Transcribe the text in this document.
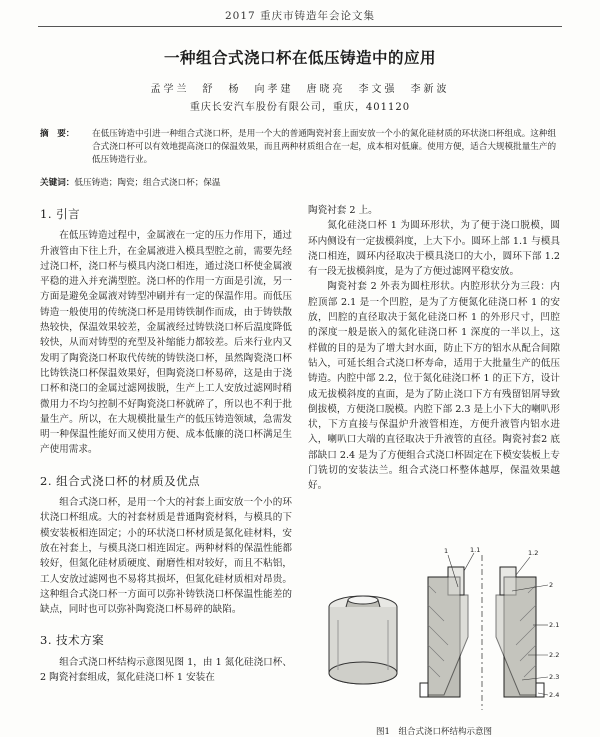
2017 重庆市铸造年会论文集
一种组合式浇口杯在低压铸造中的应用
孟学兰　舒　杨　向孝建　唐晓亮　李文强　李新波
重庆长安汽车股份有限公司，重庆，401120
摘　要：	在低压铸造中引进一种组合式浇口杯，是用一个大的普通陶瓷衬套上面安放一个小的氮化硅材质的环状浇口杯组成。这种组合式浇口杯可以有效地提高浇口的保温效果，而且两种材质组合在一起，成本相对低廉。使用方便，适合大规模批量生产的低压铸造行业。
关键词：低压铸造；陶瓷；组合式浇口杯；保温
1. 引言

在低压铸造过程中，金属液在一定的压力作用下，通过升液管由下往上升，在金属液进入模具型腔之前，需要先经过浇口杯，浇口杯与模具内浇口相连，通过浇口杯使金属液平稳的进入并充满型腔。浇口杯的作用一方面是引流，另一方面是避免金属液对铸型冲刷并有一定的保温作用。而低压铸造一般使用的传统浇口杯是用铸铁制作而成，由于铸铁散热较快，保温效果较差，金属液经过铸铁浇口杯后温度降低较快，从而对铸型的充型及补缩能力都较差。后来行业内又发明了陶瓷浇口杯取代传统的铸铁浇口杯，虽然陶瓷浇口杯比铸铁浇口杯保温效果好，但陶瓷浇口杯易碎，这是由于浇口杯和浇口的金属过滤网拔脱，生产上工人安放过滤网时稍微用力不均匀控制不好陶瓷浇口杯就碎了，所以也不利于批量生产。所以，在大规模批量生产的低压铸造领域，急需发明一种保温性能好而又使用方便、成本低廉的浇口杯满足生产使用需求。

2. 组合式浇口杯的材质及优点

组合式浇口杯，是用一个大的衬套上面安放一个小的环状浇口杯组成。大的衬套材质是普通陶瓷材料，与模具的下模安装板相连固定；小的环状浇口杯材质是氮化硅材料，安放在衬套上，与模具浇口相连固定。两种材料的保温性能都较好，但氮化硅材质硬度、耐磨性相对较好，而且不粘铝，工人安放过滤网也不易将其损坏，但氮化硅材质相对昂贵。这种组合式浇口杯一方面可以弥补铸铁浇口杯保温性能差的缺点，同时也可以弥补陶瓷浇口杯易碎的缺陷。

3. 技术方案

组合式浇口杯结构示意图见图 1，由 1 氮化硅浇口杯、2 陶瓷衬套组成，氮化硅浇口杯 1 安装在

陶瓷衬套 2 上。

氮化硅浇口杯 1 为圆环形状，为了便于浇口脱模，圆环内侧设有一定拔模斜度，上大下小。圆环上部 1.1 与模具浇口相连，圆环内径取决于模具浇口的大小，圆环下部 1.2 有一段无拔模斜度，是为了方便过滤网平稳安放。

陶瓷衬套 2 外表为圆柱形状。内腔形状分为三段：内腔顶部 2.1 是一个凹腔，是为了方便氮化硅浇口杯 1 的安放，凹腔的直径取决于氮化硅浇口杯 1 的外形尺寸，凹腔的深度一般是嵌入的氮化硅浇口杯 1 深度的一半以上，这样做的目的是为了增大封水面，防止下方的铝水从配合间隙钻入，可延长组合式浇口杯寿命，适用于大批量生产的低压铸造。内腔中部 2.2，位于氮化硅浇口杯 1 的正下方，设计成无拔模斜度的直面，是为了防止浇口下方有残留铝屑导致倒拔模，方便浇口脱模。内腔下部 2.3 是上小下大的喇叭形状，下方直接与保温炉升液管相连，方便升液管内铝水进入，喇叭口大端的直径取决于升液管的直径。陶瓷衬套2 底部缺口 2.4 是为了方便组合式浇口杯固定在下模安装板上专门铣切的安装法兰。组合式浇口杯整体越厚，保温效果越好。

1	1.1	1.2
2
2.1
2.2
2.3
2.4
图1　组合式浇口杯结构示意图
